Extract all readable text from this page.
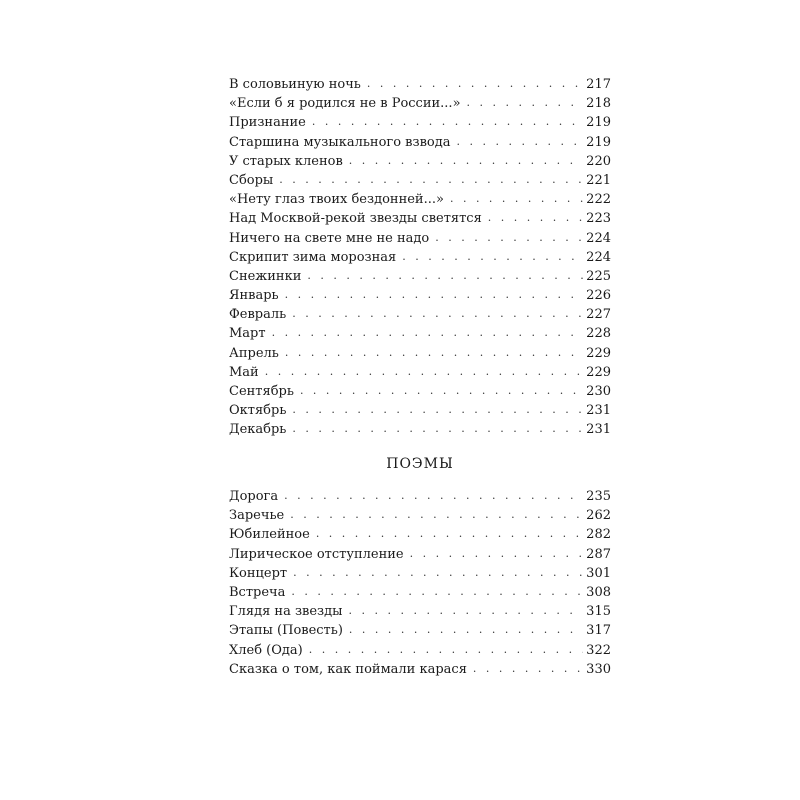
В соловьиную ночь . . .	217
«Если б я родился не в России...» . . .	218
Признание . . .	219
Старшина музыкального взвода . . .	219
У старых кленов . . .	220
Сборы . . .	221
«Нету глаз твоих бездонней...» . . .	222
Над Москвой-рекой звезды светятся . . .	223
Ничего на свете мне не надо . . .	224
Скрипит зима морозная . . .	224
Снежинки . . .	225
Январь . . .	226
Февраль . . .	227
Март . . .	228
Апрель . . .	229
Май . . .	229
Сентябрь . . .	230
Октябрь . . .	231
Декабрь . . .	231
ПОЭМЫ
Дорога . . .	235
Заречье . . .	262
Юбилейное . . .	282
Лирическое отступление . . .	287
Концерт . . .	301
Встреча . . .	308
Глядя на звезды . . .	315
Этапы (Повесть) . . .	317
Хлеб (Ода) . . .	322
Сказка о том, как поймали карася . . .	330
